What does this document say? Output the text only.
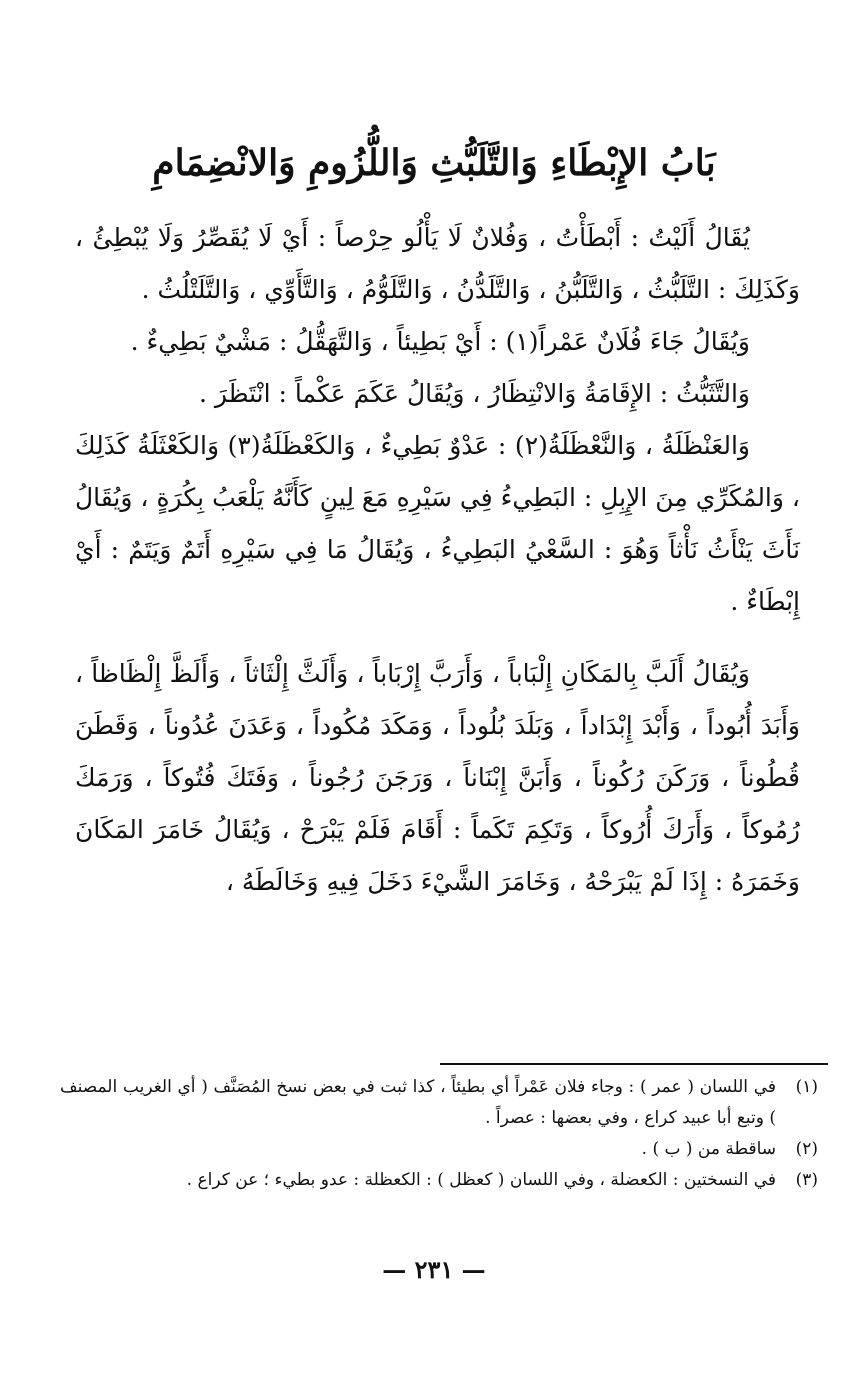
بَابُ الإِبْطَاءِ وَالتَّلَبُّثِ وَاللُّزُومِ وَالانْضِمَامِ

يُقَالُ أَلَيْتُ : أَبْطَأْتُ ، وَفُلانٌ لَا يَأْلُو حِرْصاً : أَيْ لَا يُقَصِّرُ وَلَا يُبْطِئُ ، وَكَذَلِكَ : التَّلَبُّثُ ، وَالتَّلَبُّنُ ، وَالتَّلَدُّنُ ، وَالتَّلَوُّمُ ، وَالتَّأَوِّي ، وَالتَّلَتْلُثُ .

وَيُقَالُ جَاءَ فُلَانٌ عَمْراً(١) : أَيْ بَطِيئاً ، وَالتَّهَقُّلُ : مَشْيٌ بَطِيءٌ .

وَالتَّثَبُّثُ : الإِقَامَةُ وَالانْتِظَارُ ، وَيُقَالُ عَكَمَ عَكْماً : انْتَظَرَ .

وَالعَنْظَلَةُ ، وَالنَّعْظَلَةُ(٢) : عَدْوٌ بَطِيءٌ ، وَالكَعْظَلَةُ(٣) وَالكَعْثَلَةُ كَذَلِكَ ، وَالمُكَرِّي مِنَ الإِبِلِ : البَطِيءُ فِي سَيْرِهِ مَعَ لِينٍ كَأَنَّهُ يَلْعَبُ بِكُرَةٍ ، وَيُقَالُ نَأَثَ يَنْأَثُ نَأْثاً وَهُوَ : السَّعْيُ البَطِيءُ ، وَيُقَالُ مَا فِي سَيْرِهِ أَتَمٌ وَيَتَمٌ : أَيْ إِبْطَاءٌ .

وَيُقَالُ أَلَبَّ بِالمَكَانِ إِلْبَاباً ، وَأَرَبَّ إِرْبَاباً ، وَأَلَثَّ إِلْثَاثاً ، وَأَلَظَّ إِلْظَاظاً ، وَأَبَدَ أُبُوداً ، وَأَبْدَ إِبْدَاداً ، وَبَلَدَ بُلُوداً ، وَمَكَدَ مُكُوداً ، وَعَدَنَ عُدُوناً ، وَقَطَنَ قُطُوناً ، وَرَكَنَ رُكُوناً ، وَأَبَنَّ إِبْنَاناً ، وَرَجَنَ رُجُوناً ، وَفَتَكَ فُتُوكاً ، وَرَمَكَ رُمُوكاً ، وَأَرَكَ أُرُوكاً ، وَتَكِمَ تَكَماً : أَقَامَ فَلَمْ يَبْرَحْ ، وَيُقَالُ خَامَرَ المَكَانَ وَخَمَرَهُ : إِذَا لَمْ يَبْرَحْهُ ، وَخَامَرَ الشَّيْءَ دَخَلَ فِيهِ وَخَالَطَهُ ،

(١)
في اللسان ( عمر ) : وجاء فلان عَمْراً أي بطيئاً ، كذا ثبت في بعض نسخ المُصَنَّف ( أي الغريب المصنف ) وتبع أبا عبيد كراع ، وفي بعضها : عصراً .
(٢)
ساقطة من ( ب ) .
(٣)
في النسختين : الكعضلة ، وفي اللسان ( كعظل ) : الكعظلة : عدو بطيء ؛ عن كراع .
— ٢٣١ —
